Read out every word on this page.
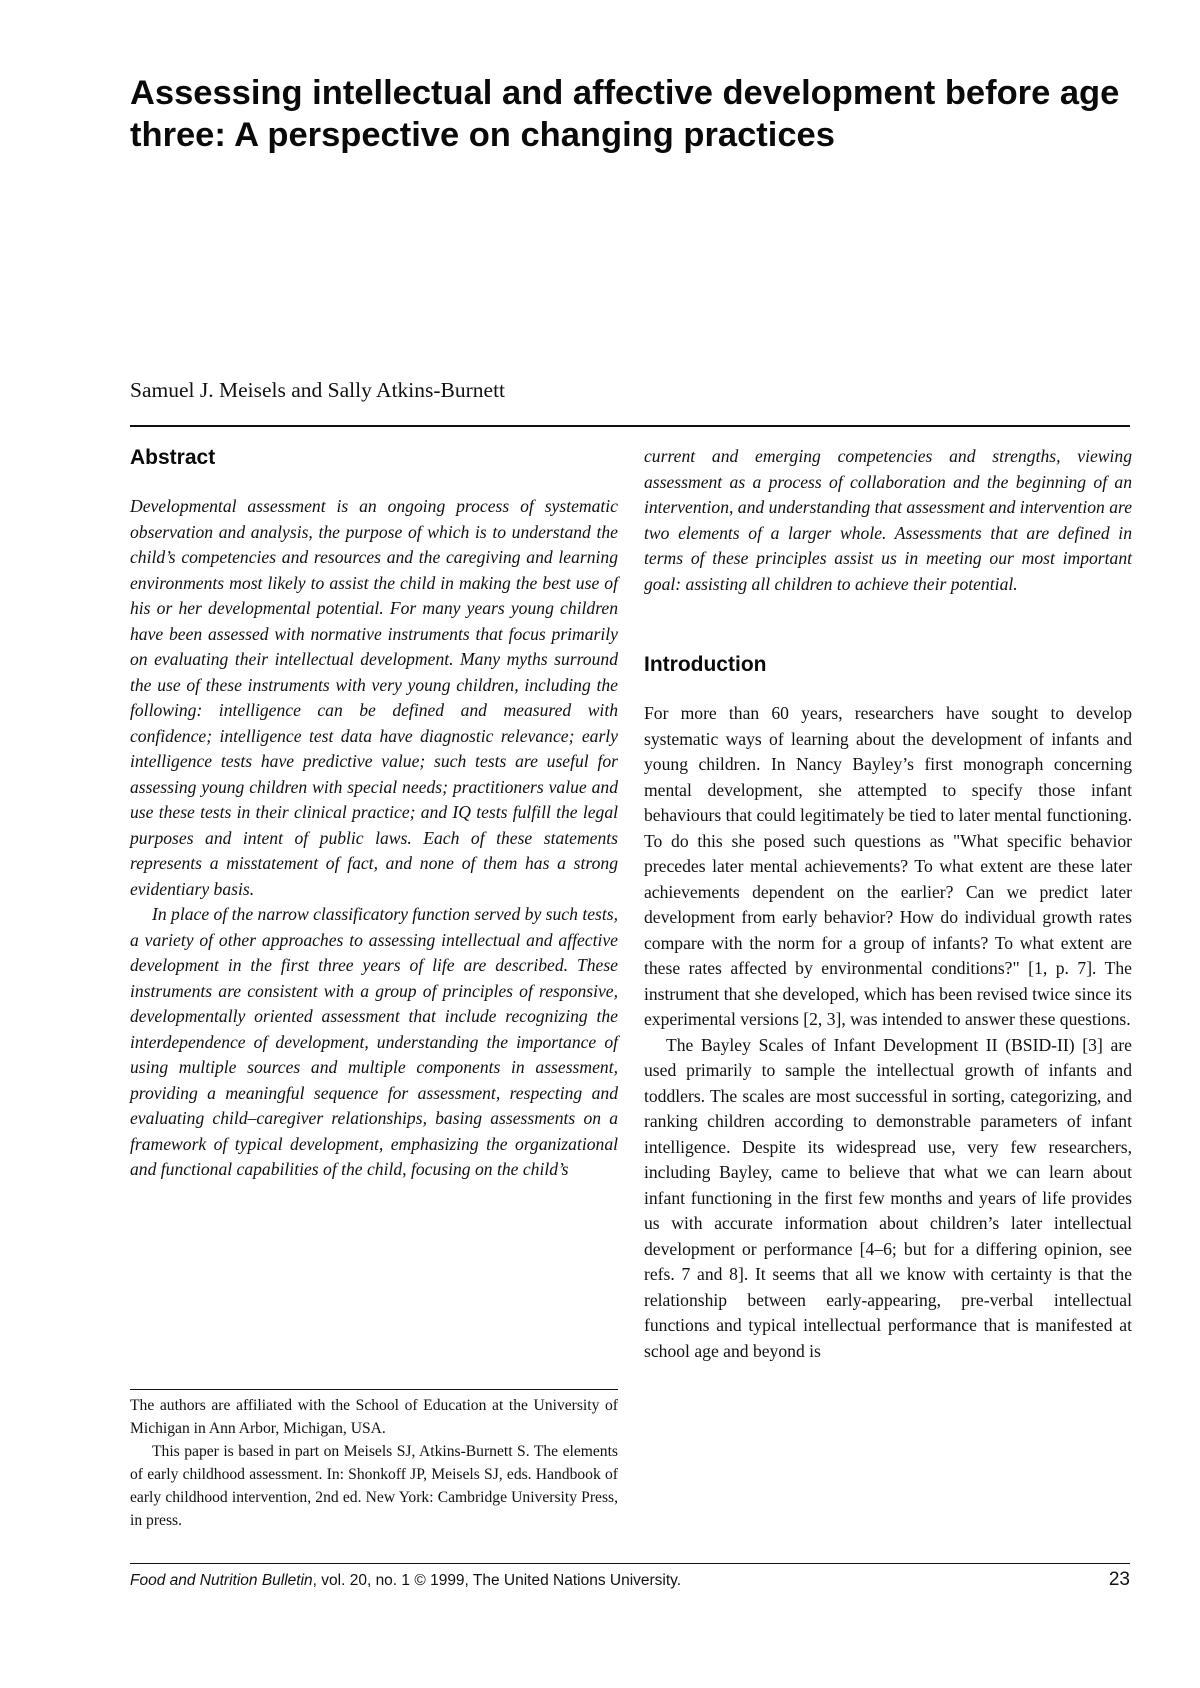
Assessing intellectual and affective development before age three: A perspective on changing practices

Samuel J. Meisels and Sally Atkins-Burnett

Abstract

Developmental assessment is an ongoing process of systematic observation and analysis, the purpose of which is to understand the child’s competencies and resources and the caregiving and learning environments most likely to assist the child in making the best use of his or her developmental potential. For many years young children have been assessed with normative instruments that focus primarily on evaluating their intellectual development. Many myths surround the use of these instruments with very young children, including the following: intelligence can be defined and measured with confidence; intelligence test data have diagnostic relevance; early intelligence tests have predictive value; such tests are useful for assessing young children with special needs; practitioners value and use these tests in their clinical practice; and IQ tests fulfill the legal purposes and intent of public laws. Each of these statements represents a misstatement of fact, and none of them has a strong evidentiary basis.

In place of the narrow classificatory function served by such tests, a variety of other approaches to assessing intellectual and affective development in the first three years of life are described. These instruments are consistent with a group of principles of responsive, developmentally oriented assessment that include recognizing the interdependence of development, understanding the importance of using multiple sources and multiple components in assessment, providing a meaningful sequence for assessment, respecting and evaluating child–caregiver relationships, basing assessments on a framework of typical development, emphasizing the organizational and functional capabilities of the child, focusing on the child’s

current and emerging competencies and strengths, viewing assessment as a process of collaboration and the beginning of an intervention, and understanding that assessment and intervention are two elements of a larger whole. Assessments that are defined in terms of these principles assist us in meeting our most important goal: assisting all children to achieve their potential.

Introduction

For more than 60 years, researchers have sought to develop systematic ways of learning about the development of infants and young children. In Nancy Bayley’s first monograph concerning mental development, she attempted to specify those infant behaviours that could legitimately be tied to later mental functioning. To do this she posed such questions as "What specific behavior precedes later mental achievements? To what extent are these later achievements dependent on the earlier? Can we predict later development from early behavior? How do individual growth rates compare with the norm for a group of infants? To what extent are these rates affected by environmental conditions?" [1, p. 7]. The instrument that she developed, which has been revised twice since its experimental versions [2, 3], was intended to answer these questions.

The Bayley Scales of Infant Development II (BSID-II) [3] are used primarily to sample the intellectual growth of infants and toddlers. The scales are most successful in sorting, categorizing, and ranking children according to demonstrable parameters of infant intelligence. Despite its widespread use, very few researchers, including Bayley, came to believe that what we can learn about infant functioning in the first few months and years of life provides us with accurate information about children’s later intellectual development or performance [4–6; but for a differing opinion, see refs. 7 and 8]. It seems that all we know with certainty is that the relationship between early-appearing, pre-verbal intellectual functions and typical intellectual performance that is manifested at school age and beyond is

The authors are affiliated with the School of Education at the University of Michigan in Ann Arbor, Michigan, USA.

This paper is based in part on Meisels SJ, Atkins-Burnett S. The elements of early childhood assessment. In: Shonkoff JP, Meisels SJ, eds. Handbook of early childhood intervention, 2nd ed. New York: Cambridge University Press, in press.

Food and Nutrition Bulletin, vol. 20, no. 1 © 1999, The United Nations University.	23
